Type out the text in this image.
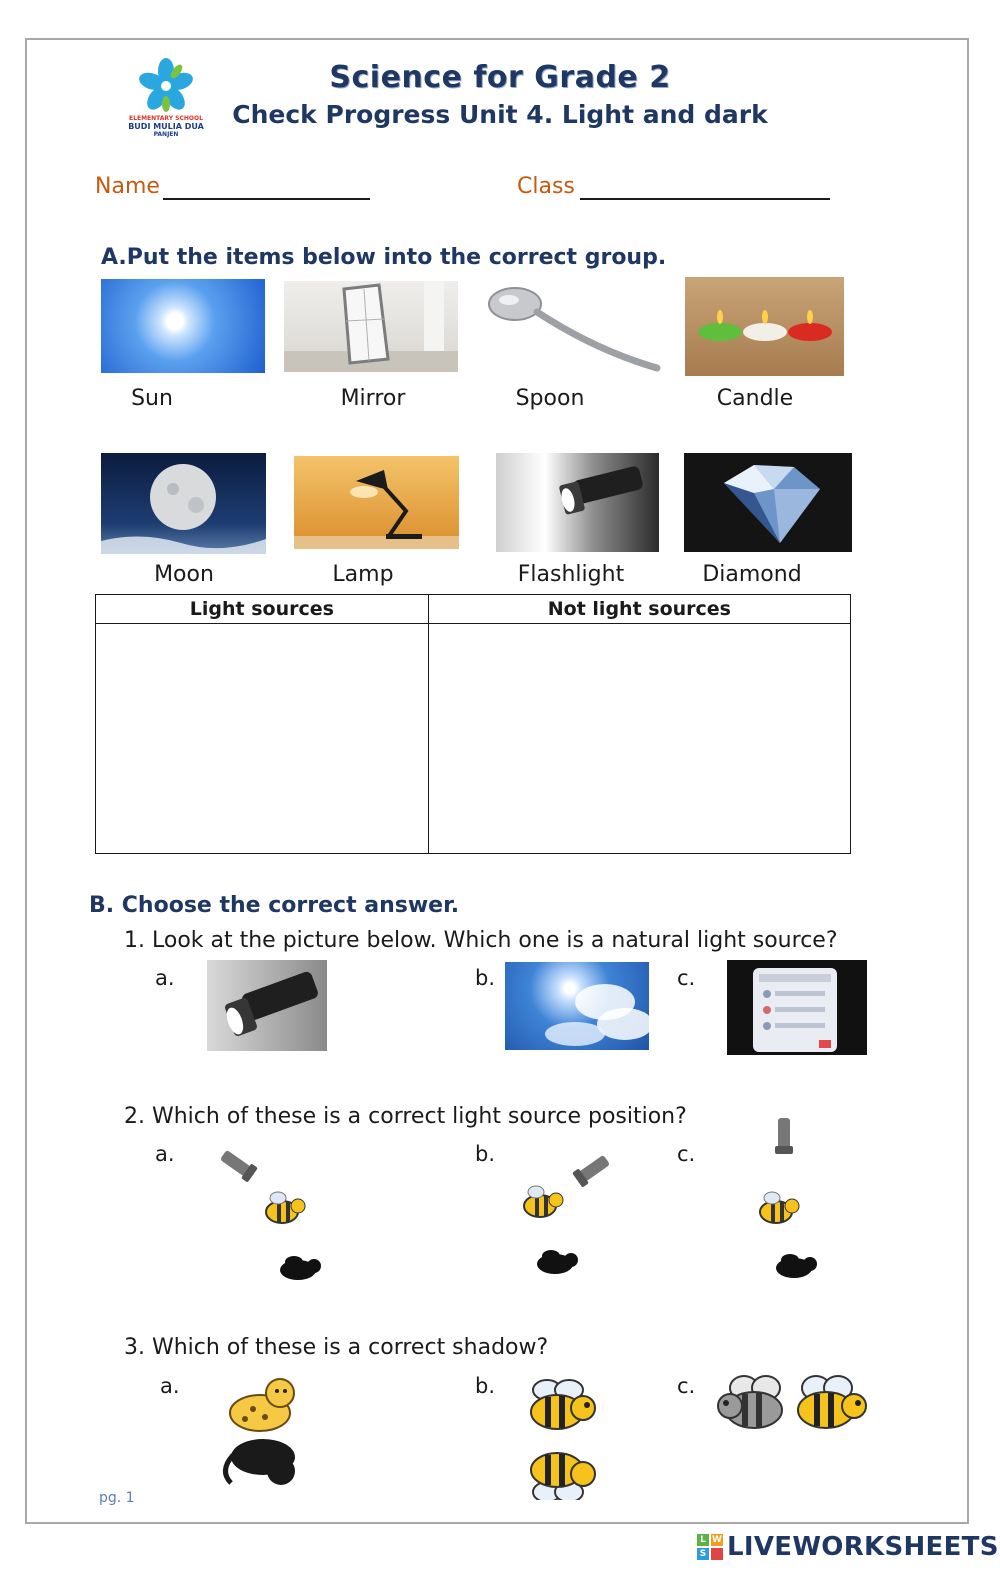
ELEMENTARY SCHOOL
BUDI MULIA DUA
PANJEN
Science for Grade 2
Check Progress Unit 4. Light and dark
Name	Class
A.Put the items below into the correct group.
Sun	Mirror	Spoon	Candle
Moon	Lamp	Flashlight	Diamond
Light sources	Not light sources

B. Choose the correct answer.
1. Look at the picture below. Which one is a natural light source?
a.	b.	c.
2. Which of these is a correct light source position?
a.	b.	c.
3. Which of these is a correct shadow?
a.	b.	c.
pg. 1
L W
S LIVEWORKSHEETS
